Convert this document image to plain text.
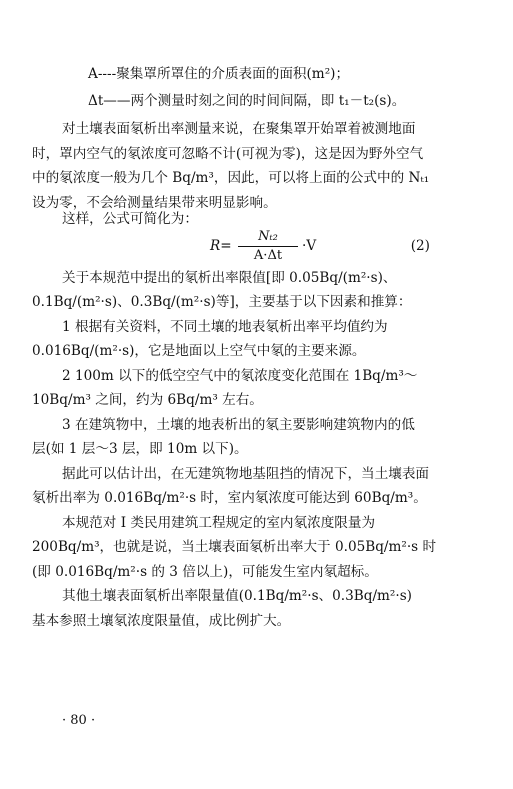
A----聚集罩所罩住的介质表面的面积(m²)；
Δt——两个测量时刻之间的时间间隔，即 t₁－t₂(s)。
对土壤表面氡析出率测量来说，在聚集罩开始罩着被测地面
时，罩内空气的氡浓度可忽略不计(可视为零)，这是因为野外空气
中的氡浓度一般为几个 Bq/m³，因此，可以将上面的公式中的 Nₜ₁
设为零，不会给测量结果带来明显影响。
这样，公式可简化为：
R=
Nₜ₂
A·Δt
·V	(2)
关于本规范中提出的氡析出率限值[即 0.05Bq/(m²·s)、
0.1Bq/(m²·s)、0.3Bq/(m²·s)等]，主要基于以下因素和推算：
1 根据有关资料，不同土壤的地表氡析出率平均值约为
0.016Bq/(m²·s)，它是地面以上空气中氡的主要来源。
2 100m 以下的低空空气中的氡浓度变化范围在 1Bq/m³～
10Bq/m³ 之间，约为 6Bq/m³ 左右。
3 在建筑物中，土壤的地表析出的氡主要影响建筑物内的低
层(如 1 层～3 层，即 10m 以下)。
据此可以估计出，在无建筑物地基阻挡的情况下，当土壤表面
氡析出率为 0.016Bq/m²·s 时，室内氡浓度可能达到 60Bq/m³。
本规范对 Ⅰ 类民用建筑工程规定的室内氡浓度限量为
200Bq/m³，也就是说，当土壤表面氡析出率大于 0.05Bq/m²·s 时
(即 0.016Bq/m²·s 的 3 倍以上)，可能发生室内氡超标。
其他土壤表面氡析出率限量值(0.1Bq/m²·s、0.3Bq/m²·s)
基本参照土壤氡浓度限量值，成比例扩大。
· 80 ·
